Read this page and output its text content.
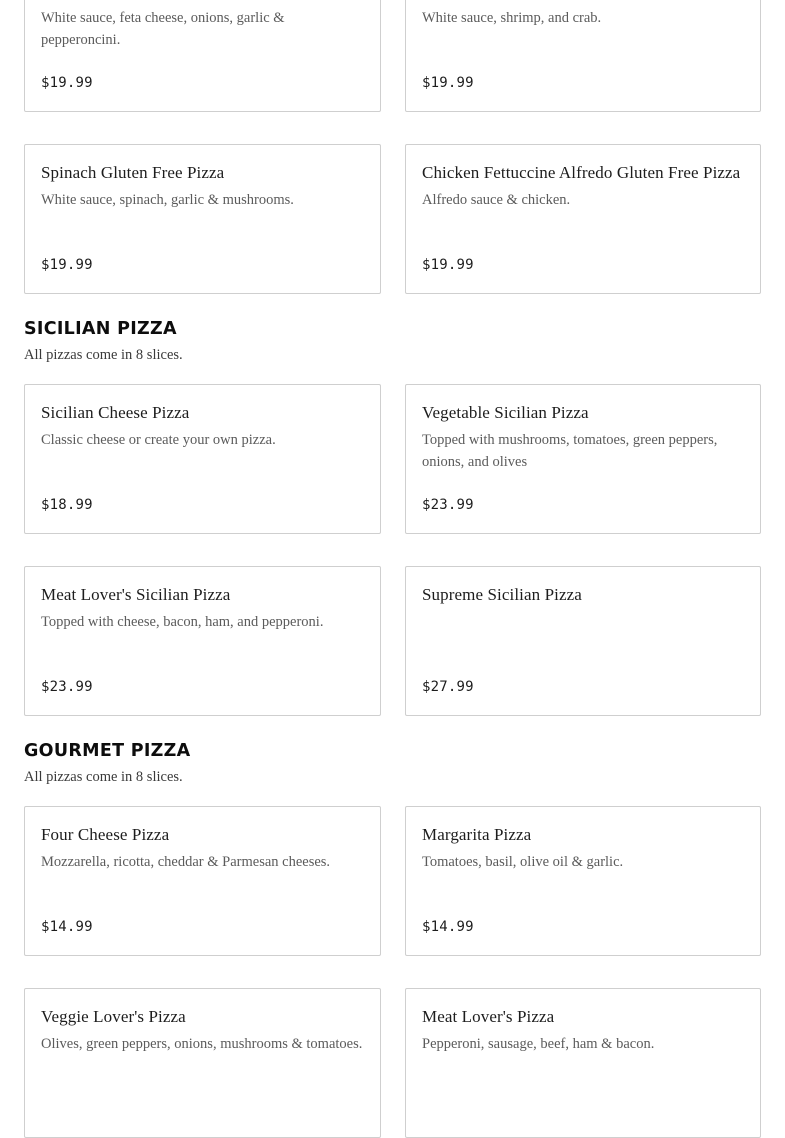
White sauce, feta cheese, onions, garlic & pepperoncini.
$19.99
White sauce, shrimp, and crab.
$19.99
Spinach Gluten Free Pizza
White sauce, spinach, garlic & mushrooms.
$19.99
Chicken Fettuccine Alfredo Gluten Free Pizza
Alfredo sauce & chicken.
$19.99
SICILIAN PIZZA
All pizzas come in 8 slices.
Sicilian Cheese Pizza
Classic cheese or create your own pizza.
$18.99
Vegetable Sicilian Pizza
Topped with mushrooms, tomatoes, green peppers, onions, and olives
$23.99
Meat Lover's Sicilian Pizza
Topped with cheese, bacon, ham, and pepperoni.
$23.99
Supreme Sicilian Pizza
$27.99
GOURMET PIZZA
All pizzas come in 8 slices.
Four Cheese Pizza
Mozzarella, ricotta, cheddar & Parmesan cheeses.
$14.99
Margarita Pizza
Tomatoes, basil, olive oil & garlic.
$14.99
Veggie Lover's Pizza
Olives, green peppers, onions, mushrooms & tomatoes.
Meat Lover's Pizza
Pepperoni, sausage, beef, ham & bacon.
